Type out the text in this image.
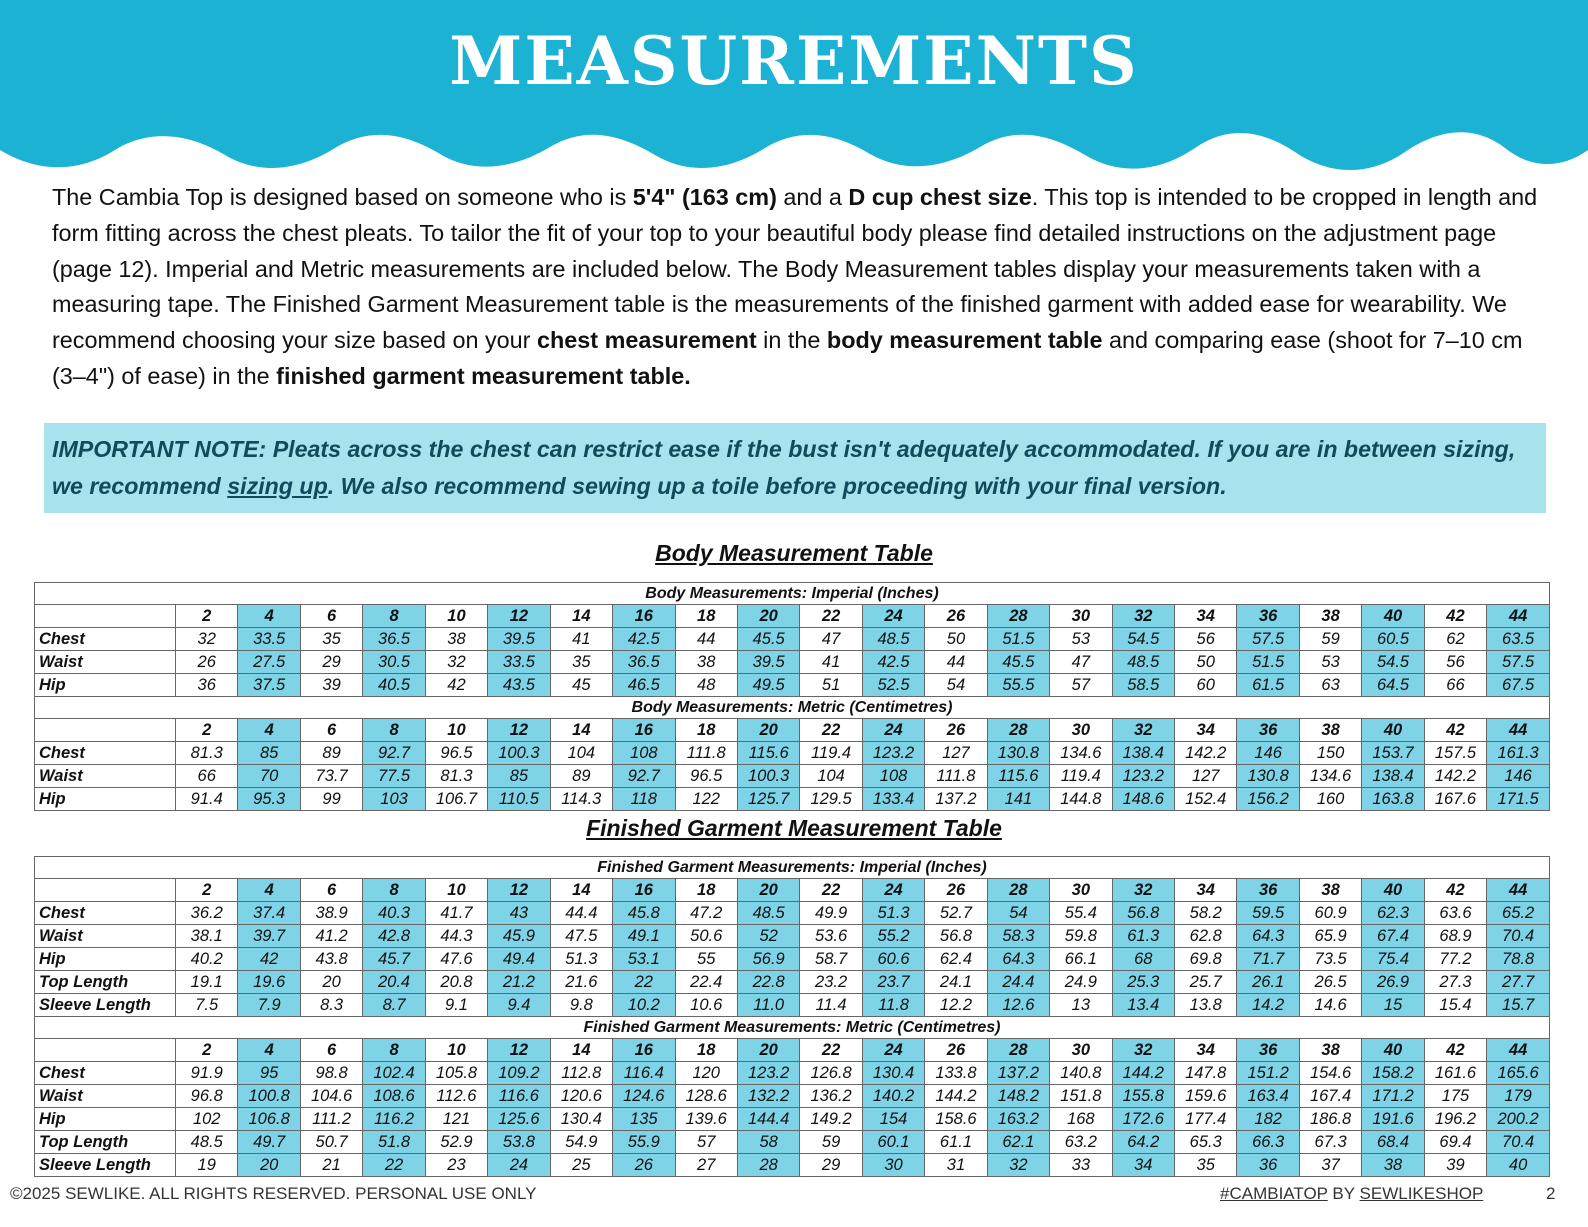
MEASUREMENTS
The Cambia Top is designed based on someone who is 5'4" (163 cm) and a D cup chest size. This top is intended to be cropped in length and form fitting across the chest pleats. To tailor the fit of your top to your beautiful body please find detailed instructions on the adjustment page (page 12). Imperial and Metric measurements are included below. The Body Measurement tables display your measurements taken with a measuring tape. The Finished Garment Measurement table is the measurements of the finished garment with added ease for wearability. We recommend choosing your size based on your chest measurement in the body measurement table and comparing ease (shoot for 7–10 cm (3–4") of ease) in the finished garment measurement table.
IMPORTANT NOTE: Pleats across the chest can restrict ease if the bust isn't adequately accommodated. If you are in between sizing, we recommend sizing up. We also recommend sewing up a toile before proceeding with your final version.
Body Measurement Table
Body Measurements: Imperial (Inches)																						
	2	4	6	8	10	12	14	16	18	20	22	24	26	28	30	32	34	36	38	40	42	44
Chest	32	33.5	35	36.5	38	39.5	41	42.5	44	45.5	47	48.5	50	51.5	53	54.5	56	57.5	59	60.5	62	63.5
Waist	26	27.5	29	30.5	32	33.5	35	36.5	38	39.5	41	42.5	44	45.5	47	48.5	50	51.5	53	54.5	56	57.5
Hip	36	37.5	39	40.5	42	43.5	45	46.5	48	49.5	51	52.5	54	55.5	57	58.5	60	61.5	63	64.5	66	67.5
Body Measurements: Metric (Centimetres)																						
	2	4	6	8	10	12	14	16	18	20	22	24	26	28	30	32	34	36	38	40	42	44
Chest	81.3	85	89	92.7	96.5	100.3	104	108	111.8	115.6	119.4	123.2	127	130.8	134.6	138.4	142.2	146	150	153.7	157.5	161.3
Waist	66	70	73.7	77.5	81.3	85	89	92.7	96.5	100.3	104	108	111.8	115.6	119.4	123.2	127	130.8	134.6	138.4	142.2	146
Hip	91.4	95.3	99	103	106.7	110.5	114.3	118	122	125.7	129.5	133.4	137.2	141	144.8	148.6	152.4	156.2	160	163.8	167.6	171.5
Finished Garment Measurement Table
Finished Garment Measurements: Imperial (Inches)																						
	2	4	6	8	10	12	14	16	18	20	22	24	26	28	30	32	34	36	38	40	42	44
Chest	36.2	37.4	38.9	40.3	41.7	43	44.4	45.8	47.2	48.5	49.9	51.3	52.7	54	55.4	56.8	58.2	59.5	60.9	62.3	63.6	65.2
Waist	38.1	39.7	41.2	42.8	44.3	45.9	47.5	49.1	50.6	52	53.6	55.2	56.8	58.3	59.8	61.3	62.8	64.3	65.9	67.4	68.9	70.4
Hip	40.2	42	43.8	45.7	47.6	49.4	51.3	53.1	55	56.9	58.7	60.6	62.4	64.3	66.1	68	69.8	71.7	73.5	75.4	77.2	78.8
Top Length	19.1	19.6	20	20.4	20.8	21.2	21.6	22	22.4	22.8	23.2	23.7	24.1	24.4	24.9	25.3	25.7	26.1	26.5	26.9	27.3	27.7
Sleeve Length	7.5	7.9	8.3	8.7	9.1	9.4	9.8	10.2	10.6	11.0	11.4	11.8	12.2	12.6	13	13.4	13.8	14.2	14.6	15	15.4	15.7
Finished Garment Measurements: Metric (Centimetres)																						
	2	4	6	8	10	12	14	16	18	20	22	24	26	28	30	32	34	36	38	40	42	44
Chest	91.9	95	98.8	102.4	105.8	109.2	112.8	116.4	120	123.2	126.8	130.4	133.8	137.2	140.8	144.2	147.8	151.2	154.6	158.2	161.6	165.6
Waist	96.8	100.8	104.6	108.6	112.6	116.6	120.6	124.6	128.6	132.2	136.2	140.2	144.2	148.2	151.8	155.8	159.6	163.4	167.4	171.2	175	179
Hip	102	106.8	111.2	116.2	121	125.6	130.4	135	139.6	144.4	149.2	154	158.6	163.2	168	172.6	177.4	182	186.8	191.6	196.2	200.2
Top Length	48.5	49.7	50.7	51.8	52.9	53.8	54.9	55.9	57	58	59	60.1	61.1	62.1	63.2	64.2	65.3	66.3	67.3	68.4	69.4	70.4
Sleeve Length	19	20	21	22	23	24	25	26	27	28	29	30	31	32	33	34	35	36	37	38	39	40
©2025 SEWLIKE. ALL RIGHTS RESERVED. PERSONAL USE ONLY	#CAMBIATOP BY SEWLIKESHOP	2
